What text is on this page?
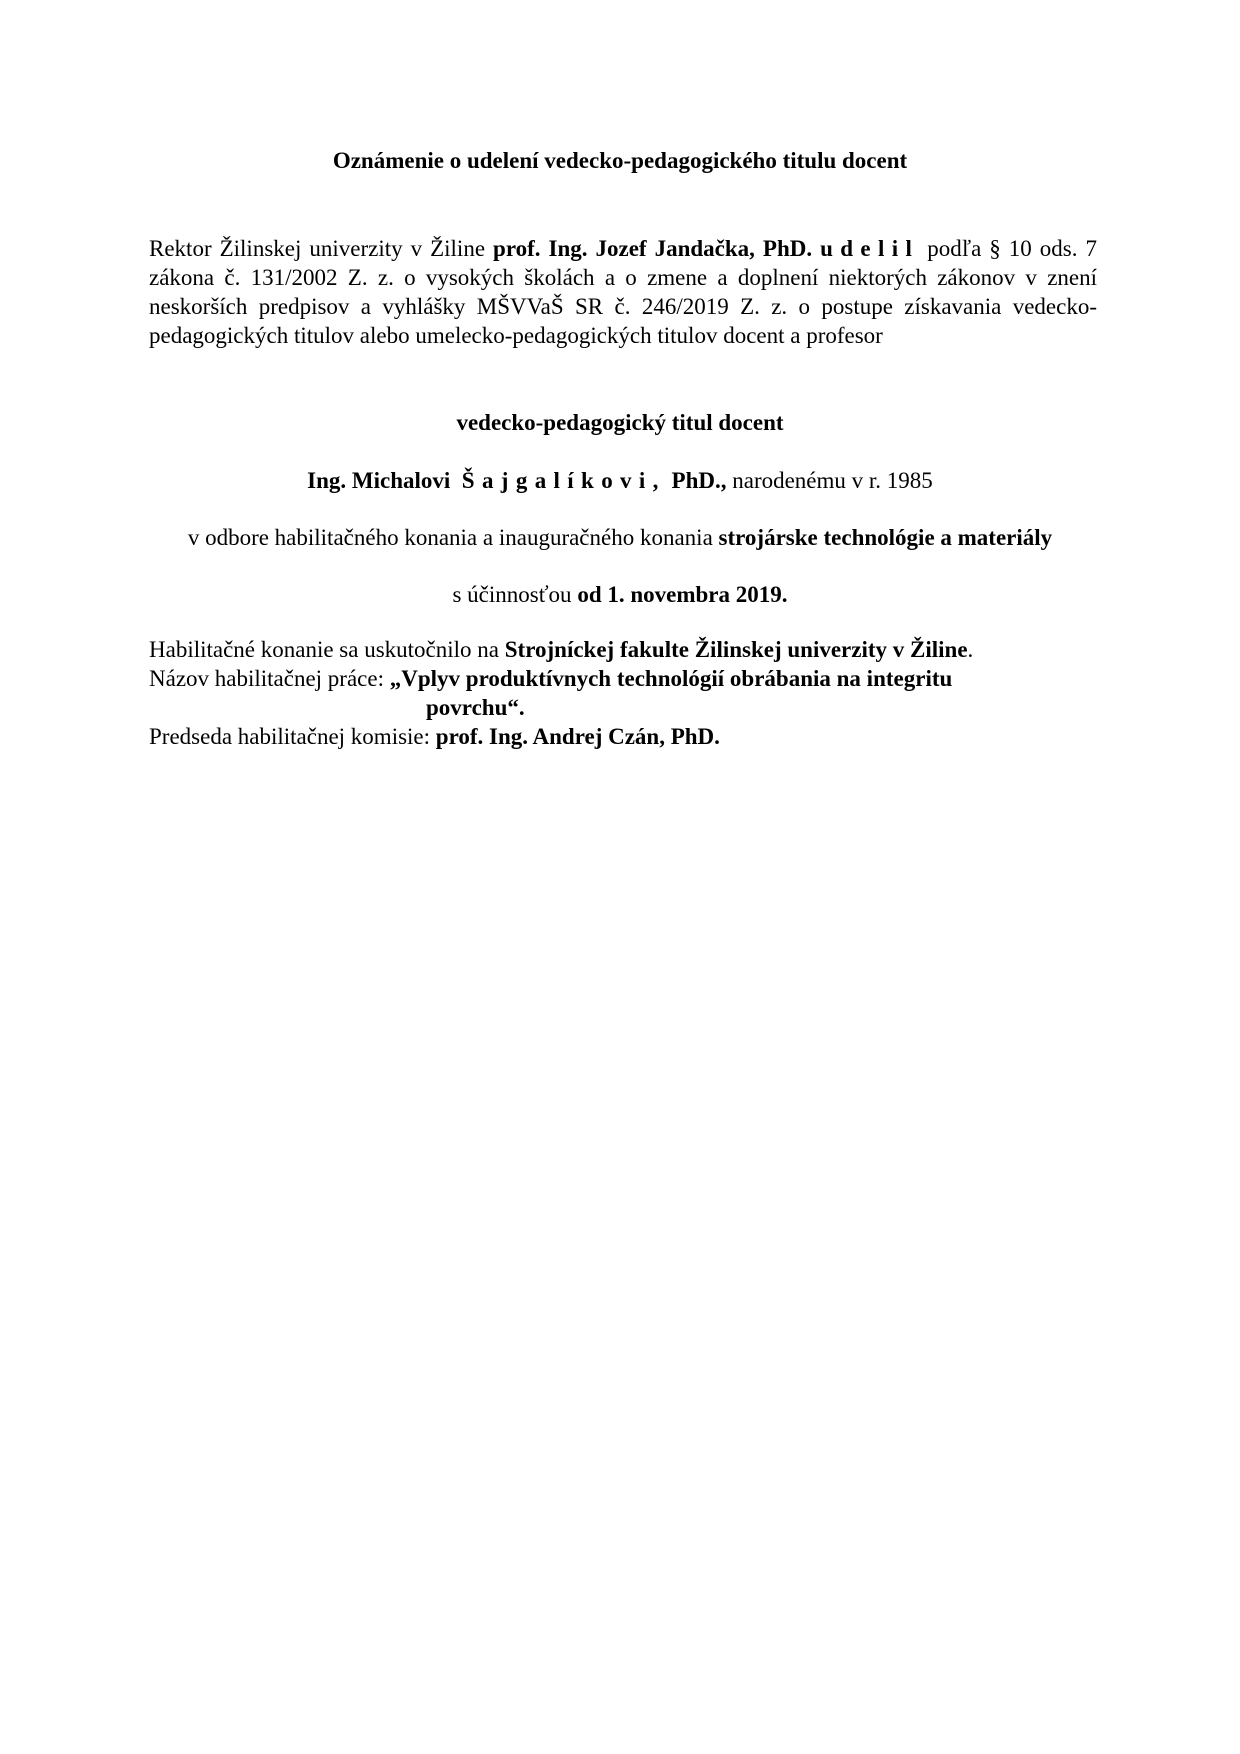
Oznámenie o udelení vedecko-pedagogického titulu docent
Rektor Žilinskej univerzity v Žiline prof. Ing. Jozef Jandačka, PhD. udelil podľa § 10 ods. 7 zákona č. 131/2002 Z. z. o vysokých školách a o zmene a doplnení niektorých zákonov v znení neskorších predpisov a vyhlášky MŠVVaŠ SR č. 246/2019 Z. z. o postupe získavania vedecko-pedagogických titulov alebo umelecko-pedagogických titulov docent a profesor
vedecko-pedagogický titul docent
Ing. Michalovi Šajgalíkovi, PhD., narodenému v r. 1985
v odbore habilitačného konania a inauguračného konania strojárske technológie a materiály
s účinnosťou od 1. novembra 2019.
Habilitačné konanie sa uskutočnilo na Strojníckej fakulte Žilinskej univerzity v Žiline.
Názov habilitačnej práce: „Vplyv produktívnych technológií obrábania na integritu
povrchu“.
Predseda habilitačnej komisie: prof. Ing. Andrej Czán, PhD.
